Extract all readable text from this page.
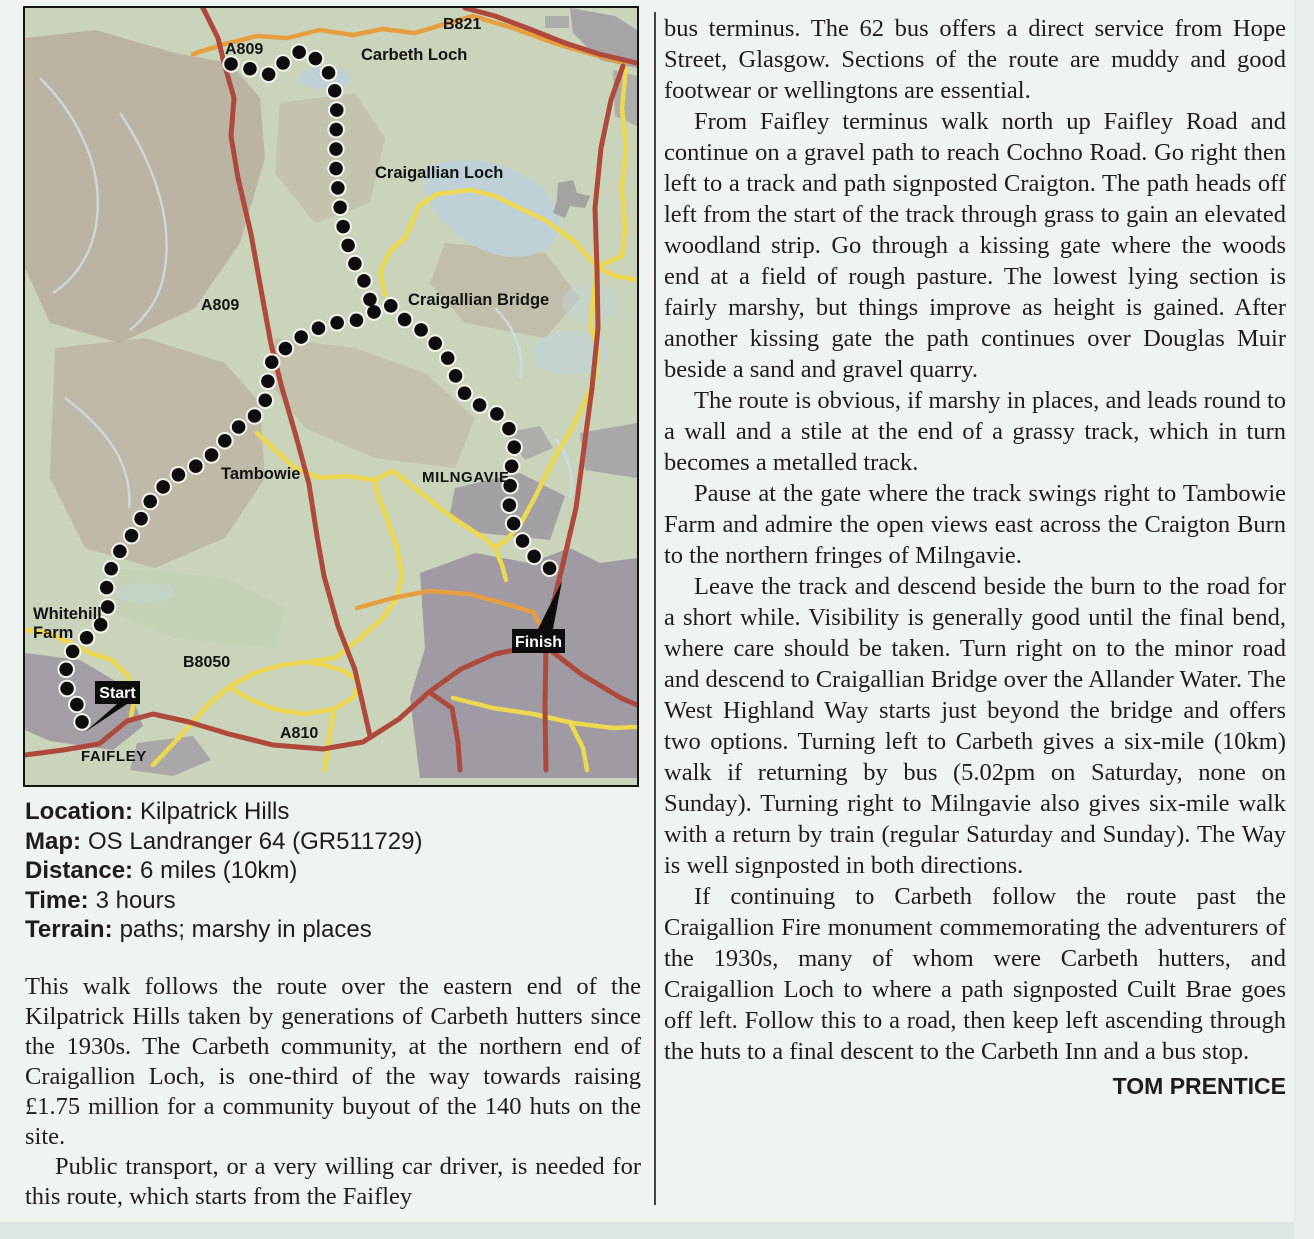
A809
B821
Carbeth Loch
Craigallian Loch
Craigallian Bridge
A809
Tambowie	MILNGAVIE
Whitehill
Farm
B8050
A810
FAIFLEY
Start
Finish
Location: Kilpatrick Hills
Map: OS Landranger 64 (GR511729)
Distance: 6 miles (10km)
Time: 3 hours
Terrain: paths; marshy in places

This walk follows the route over the eastern end of the Kilpatrick Hills taken by generations of Carbeth hutters since the 1930s. The Carbeth community, at the northern end of Craigallion Loch, is one-third of the way towards raising £1.75 million for a community buyout of the 140 huts on the site.

Public transport, or a very willing car driver, is needed for this route, which starts from the Faifley

bus terminus. The 62 bus offers a direct service from Hope Street, Glasgow. Sections of the route are muddy and good footwear or wellingtons are essential.

From Faifley terminus walk north up Faifley Road and continue on a gravel path to reach Cochno Road. Go right then left to a track and path signposted Craigton. The path heads off left from the start of the track through grass to gain an elevated woodland strip. Go through a kissing gate where the woods end at a field of rough pasture. The lowest lying section is fairly marshy, but things improve as height is gained. After another kissing gate the path continues over Douglas Muir beside a sand and gravel quarry.

The route is obvious, if marshy in places, and leads round to a wall and a stile at the end of a grassy track, which in turn becomes a metalled track.

Pause at the gate where the track swings right to Tambowie Farm and admire the open views east across the Craigton Burn to the northern fringes of Milngavie.

Leave the track and descend beside the burn to the road for a short while. Visibility is generally good until the final bend, where care should be taken. Turn right on to the minor road and descend to Craigallian Bridge over the Allander Water. The West Highland Way starts just beyond the bridge and offers two options. Turning left to Carbeth gives a six-mile (10km) walk if returning by bus (5.02pm on Saturday, none on Sunday). Turning right to Milngavie also gives six-mile walk with a return by train (regular Saturday and Sunday). The Way is well signposted in both directions.

If continuing to Carbeth follow the route past the Craigallion Fire monument commemorating the adventurers of the 1930s, many of whom were Carbeth hutters, and Craigallion Loch to where a path signposted Cuilt Brae goes off left. Follow this to a road, then keep left ascending through the huts to a final descent to the Carbeth Inn and a bus stop.

TOM PRENTICE
